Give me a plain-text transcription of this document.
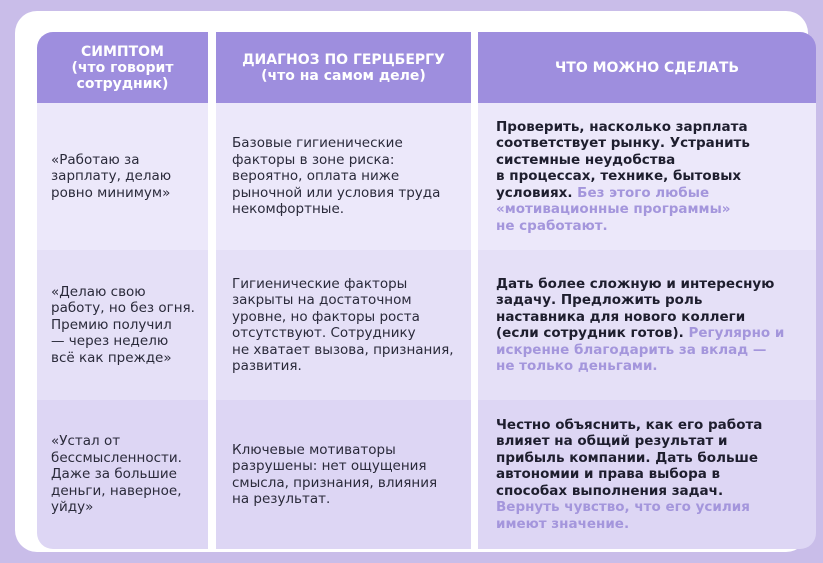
СИМПТОМ
(что говорит
сотрудник)
ДИАГНОЗ ПО ГЕРЦБЕРГУ
(что на самом деле)	ЧТО МОЖНО СДЕЛАТЬ
«Работаю за
зарплату, делаю
ровно минимум»
Базовые гигиенические
факторы в зоне риска:
вероятно, оплата ниже
рыночной или условия труда
некомфортные.
Проверить, насколько зарплата
соответствует рынку. Устранить
системные неудобства
в процессах, технике, бытовых
условиях. Без этого любые
«мотивационные программы»
не сработают.
«Делаю свою
работу, но без огня.
Премию получил
— через неделю
всё как прежде»
Гигиенические факторы
закрыты на достаточном
уровне, но факторы роста
отсутствуют. Сотруднику
не хватает вызова, признания,
развития.
Дать более сложную и интересную
задачу. Предложить роль
наставника для нового коллеги
(если сотрудник готов). Регулярно и
искренне благодарить за вклад —
не только деньгами.
«Устал от
бессмысленности.
Даже за большие
деньги, наверное,
уйду»
Ключевые мотиваторы
разрушены: нет ощущения
смысла, признания, влияния
на результат.
Честно объяснить, как его работа
влияет на общий результат и
прибыль компании. Дать больше
автономии и права выбора в
способах выполнения задач.
Вернуть чувство, что его усилия
имеют значение.
